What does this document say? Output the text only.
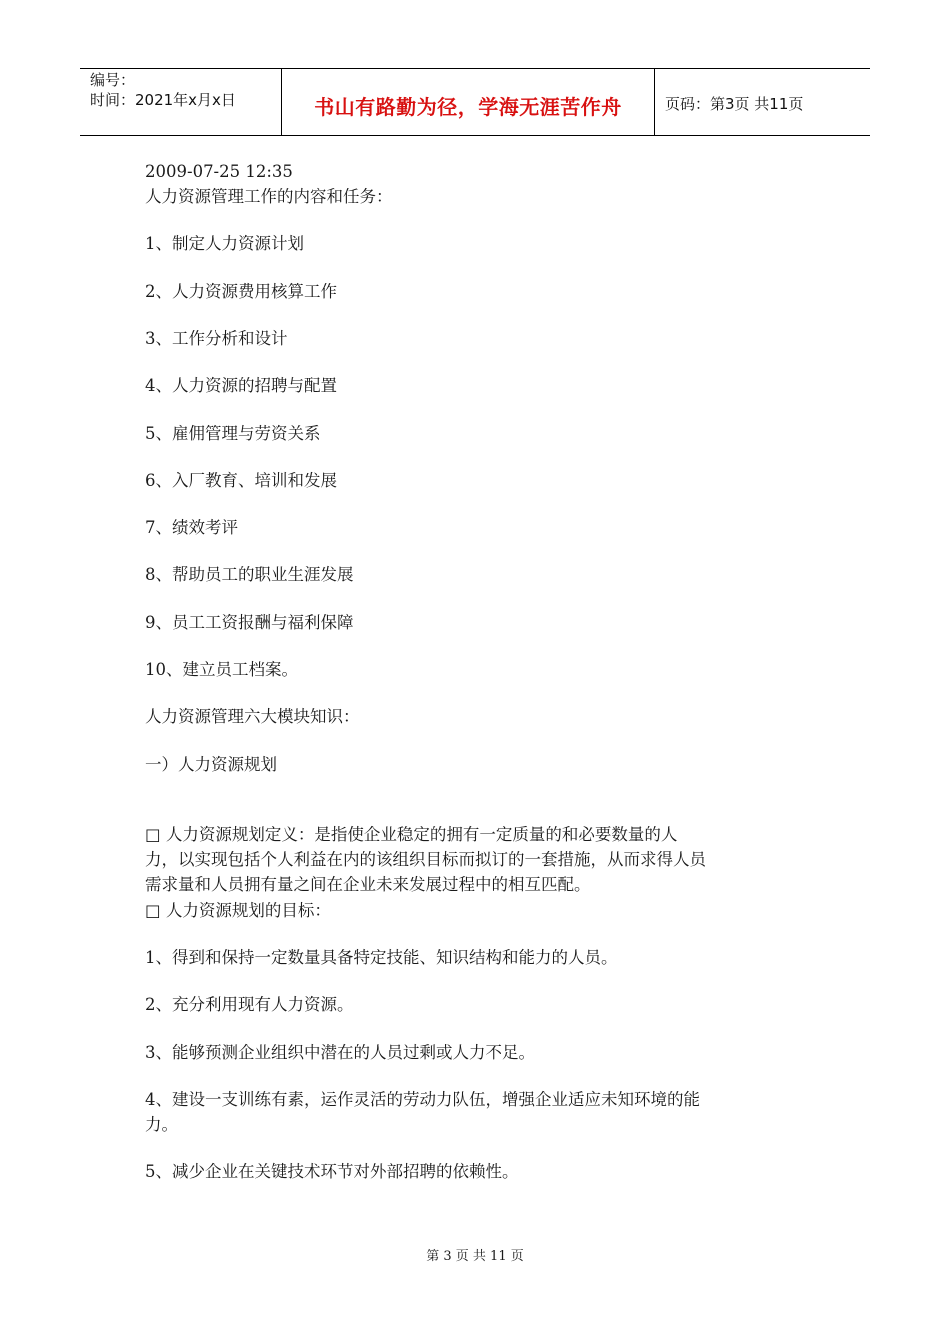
编号：
时间：2021年x月x日	书山有路勤为径，学海无涯苦作舟	页码：第3页 共11页
2009-07-25 12:35
人力资源管理工作的内容和任务：
1、制定人力资源计划
2、人力资源费用核算工作
3、工作分析和设计
4、人力资源的招聘与配置
5、雇佣管理与劳资关系
6、入厂教育、培训和发展
7、绩效考评
8、帮助员工的职业生涯发展
9、员工工资报酬与福利保障
10、建立员工档案。
人力资源管理六大模块知识：
一）人力资源规划
□ 人力资源规划定义：是指使企业稳定的拥有一定质量的和必要数量的人
力，以实现包括个人利益在内的该组织目标而拟订的一套措施，从而求得人员
需求量和人员拥有量之间在企业未来发展过程中的相互匹配。
□ 人力资源规划的目标：
1、得到和保持一定数量具备特定技能、知识结构和能力的人员。
2、充分利用现有人力资源。
3、能够预测企业组织中潜在的人员过剩或人力不足。
4、建设一支训练有素，运作灵活的劳动力队伍，增强企业适应未知环境的能
力。
5、减少企业在关键技术环节对外部招聘的依赖性。
第 3 页 共 11 页
